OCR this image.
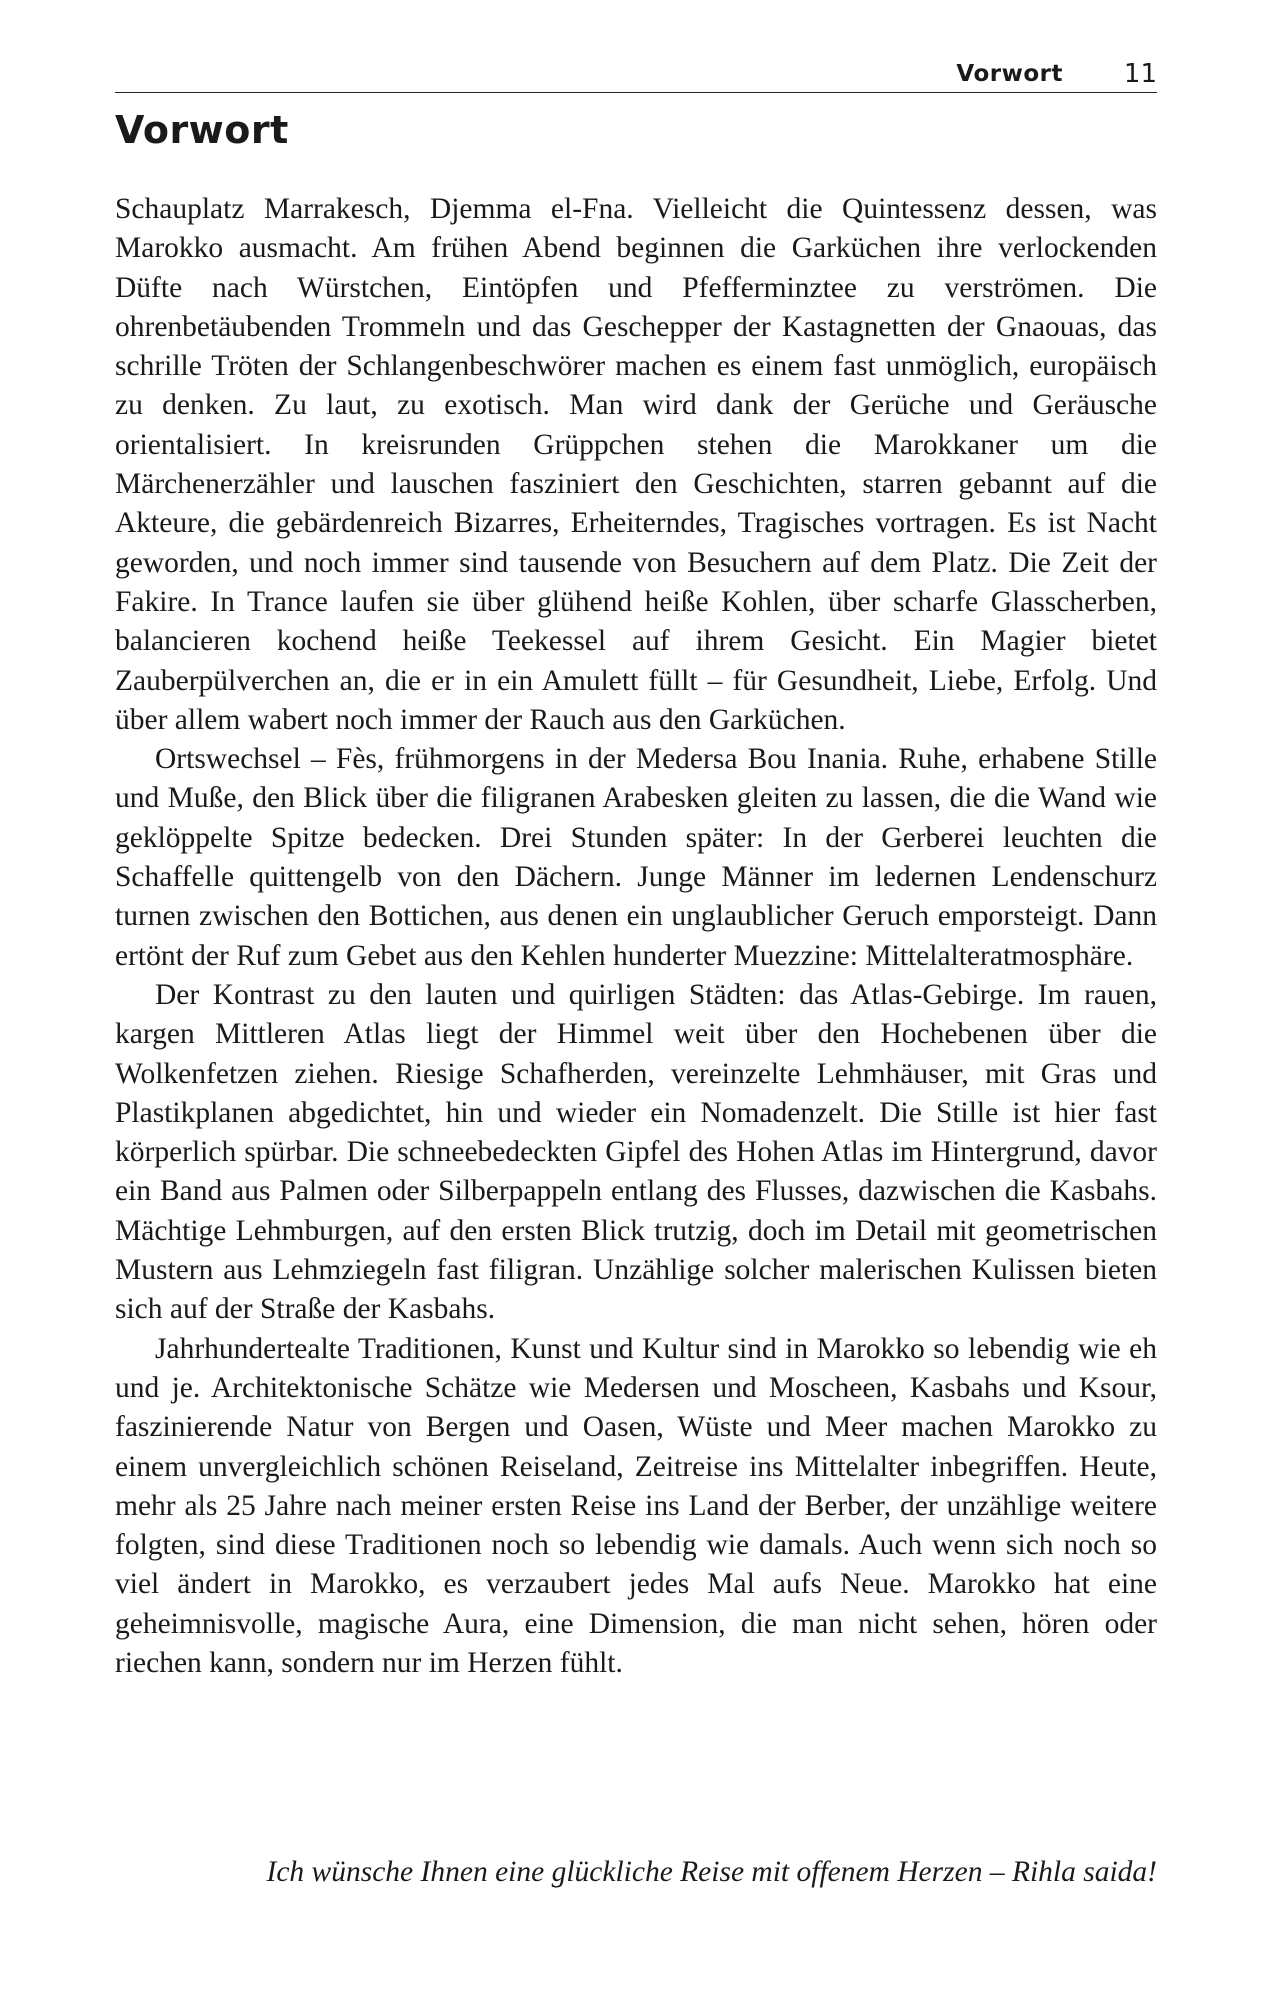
Vorwort 11
Vorwort

Schauplatz Marrakesch, Djemma el-Fna. Vielleicht die Quintessenz dessen, was Marokko ausmacht. Am frühen Abend beginnen die Garküchen ihre verlockenden Düfte nach Würstchen, Eintöpfen und Pfefferminztee zu verströmen. Die ohrenbetäubenden Trommeln und das Geschepper der Kastagnetten der Gnaouas, das schrille Tröten der Schlangenbeschwörer machen es einem fast unmöglich, europäisch zu denken. Zu laut, zu exotisch. Man wird dank der Gerüche und Geräusche orientalisiert. In kreisrunden Grüppchen stehen die Marokkaner um die Märchenerzähler und lauschen fasziniert den Geschichten, starren gebannt auf die Akteure, die gebärdenreich Bizarres, Erheiterndes, Tragisches vortragen. Es ist Nacht geworden, und noch immer sind tausende von Besuchern auf dem Platz. Die Zeit der Fakire. In Trance laufen sie über glühend heiße Kohlen, über scharfe Glasscherben, balancieren kochend heiße Teekessel auf ihrem Gesicht. Ein Magier bietet Zauberpülverchen an, die er in ein Amulett füllt – für Gesundheit, Liebe, Erfolg. Und über allem wabert noch immer der Rauch aus den Garküchen.

Ortswechsel – Fès, frühmorgens in der Medersa Bou Inania. Ruhe, erhabene Stille und Muße, den Blick über die filigranen Arabesken gleiten zu lassen, die die Wand wie geklöppelte Spitze bedecken. Drei Stunden später: In der Gerberei leuchten die Schaffelle quittengelb von den Dächern. Junge Männer im ledernen Lendenschurz turnen zwischen den Bottichen, aus denen ein unglaublicher Geruch emporsteigt. Dann ertönt der Ruf zum Gebet aus den Kehlen hunderter Muezzine: Mittelalteratmosphäre.

Der Kontrast zu den lauten und quirligen Städten: das Atlas-Gebirge. Im rauen, kargen Mittleren Atlas liegt der Himmel weit über den Hochebenen über die Wolkenfetzen ziehen. Riesige Schafherden, vereinzelte Lehmhäuser, mit Gras und Plastikplanen abgedichtet, hin und wieder ein Nomadenzelt. Die Stille ist hier fast körperlich spürbar. Die schneebedeckten Gipfel des Hohen Atlas im Hintergrund, davor ein Band aus Palmen oder Silberpappeln entlang des Flusses, dazwischen die Kasbahs. Mächtige Lehmburgen, auf den ersten Blick trutzig, doch im Detail mit geometrischen Mustern aus Lehmziegeln fast filigran. Unzählige solcher malerischen Kulissen bieten sich auf der Straße der Kasbahs.

Jahrhundertealte Traditionen, Kunst und Kultur sind in Marokko so lebendig wie eh und je. Architektonische Schätze wie Medersen und Moscheen, Kasbahs und Ksour, faszinierende Natur von Bergen und Oasen, Wüste und Meer machen Marokko zu einem unvergleichlich schönen Reiseland, Zeitreise ins Mittelalter inbegriffen. Heute, mehr als 25 Jahre nach meiner ersten Reise ins Land der Berber, der unzählige weitere folgten, sind diese Traditionen noch so lebendig wie damals. Auch wenn sich noch so viel ändert in Marokko, es verzaubert jedes Mal aufs Neue. Marokko hat eine geheimnisvolle, magische Aura, eine Dimension, die man nicht sehen, hören oder riechen kann, sondern nur im Herzen fühlt.

Ich wünsche Ihnen eine glückliche Reise mit offenem Herzen – Rihla saida!
